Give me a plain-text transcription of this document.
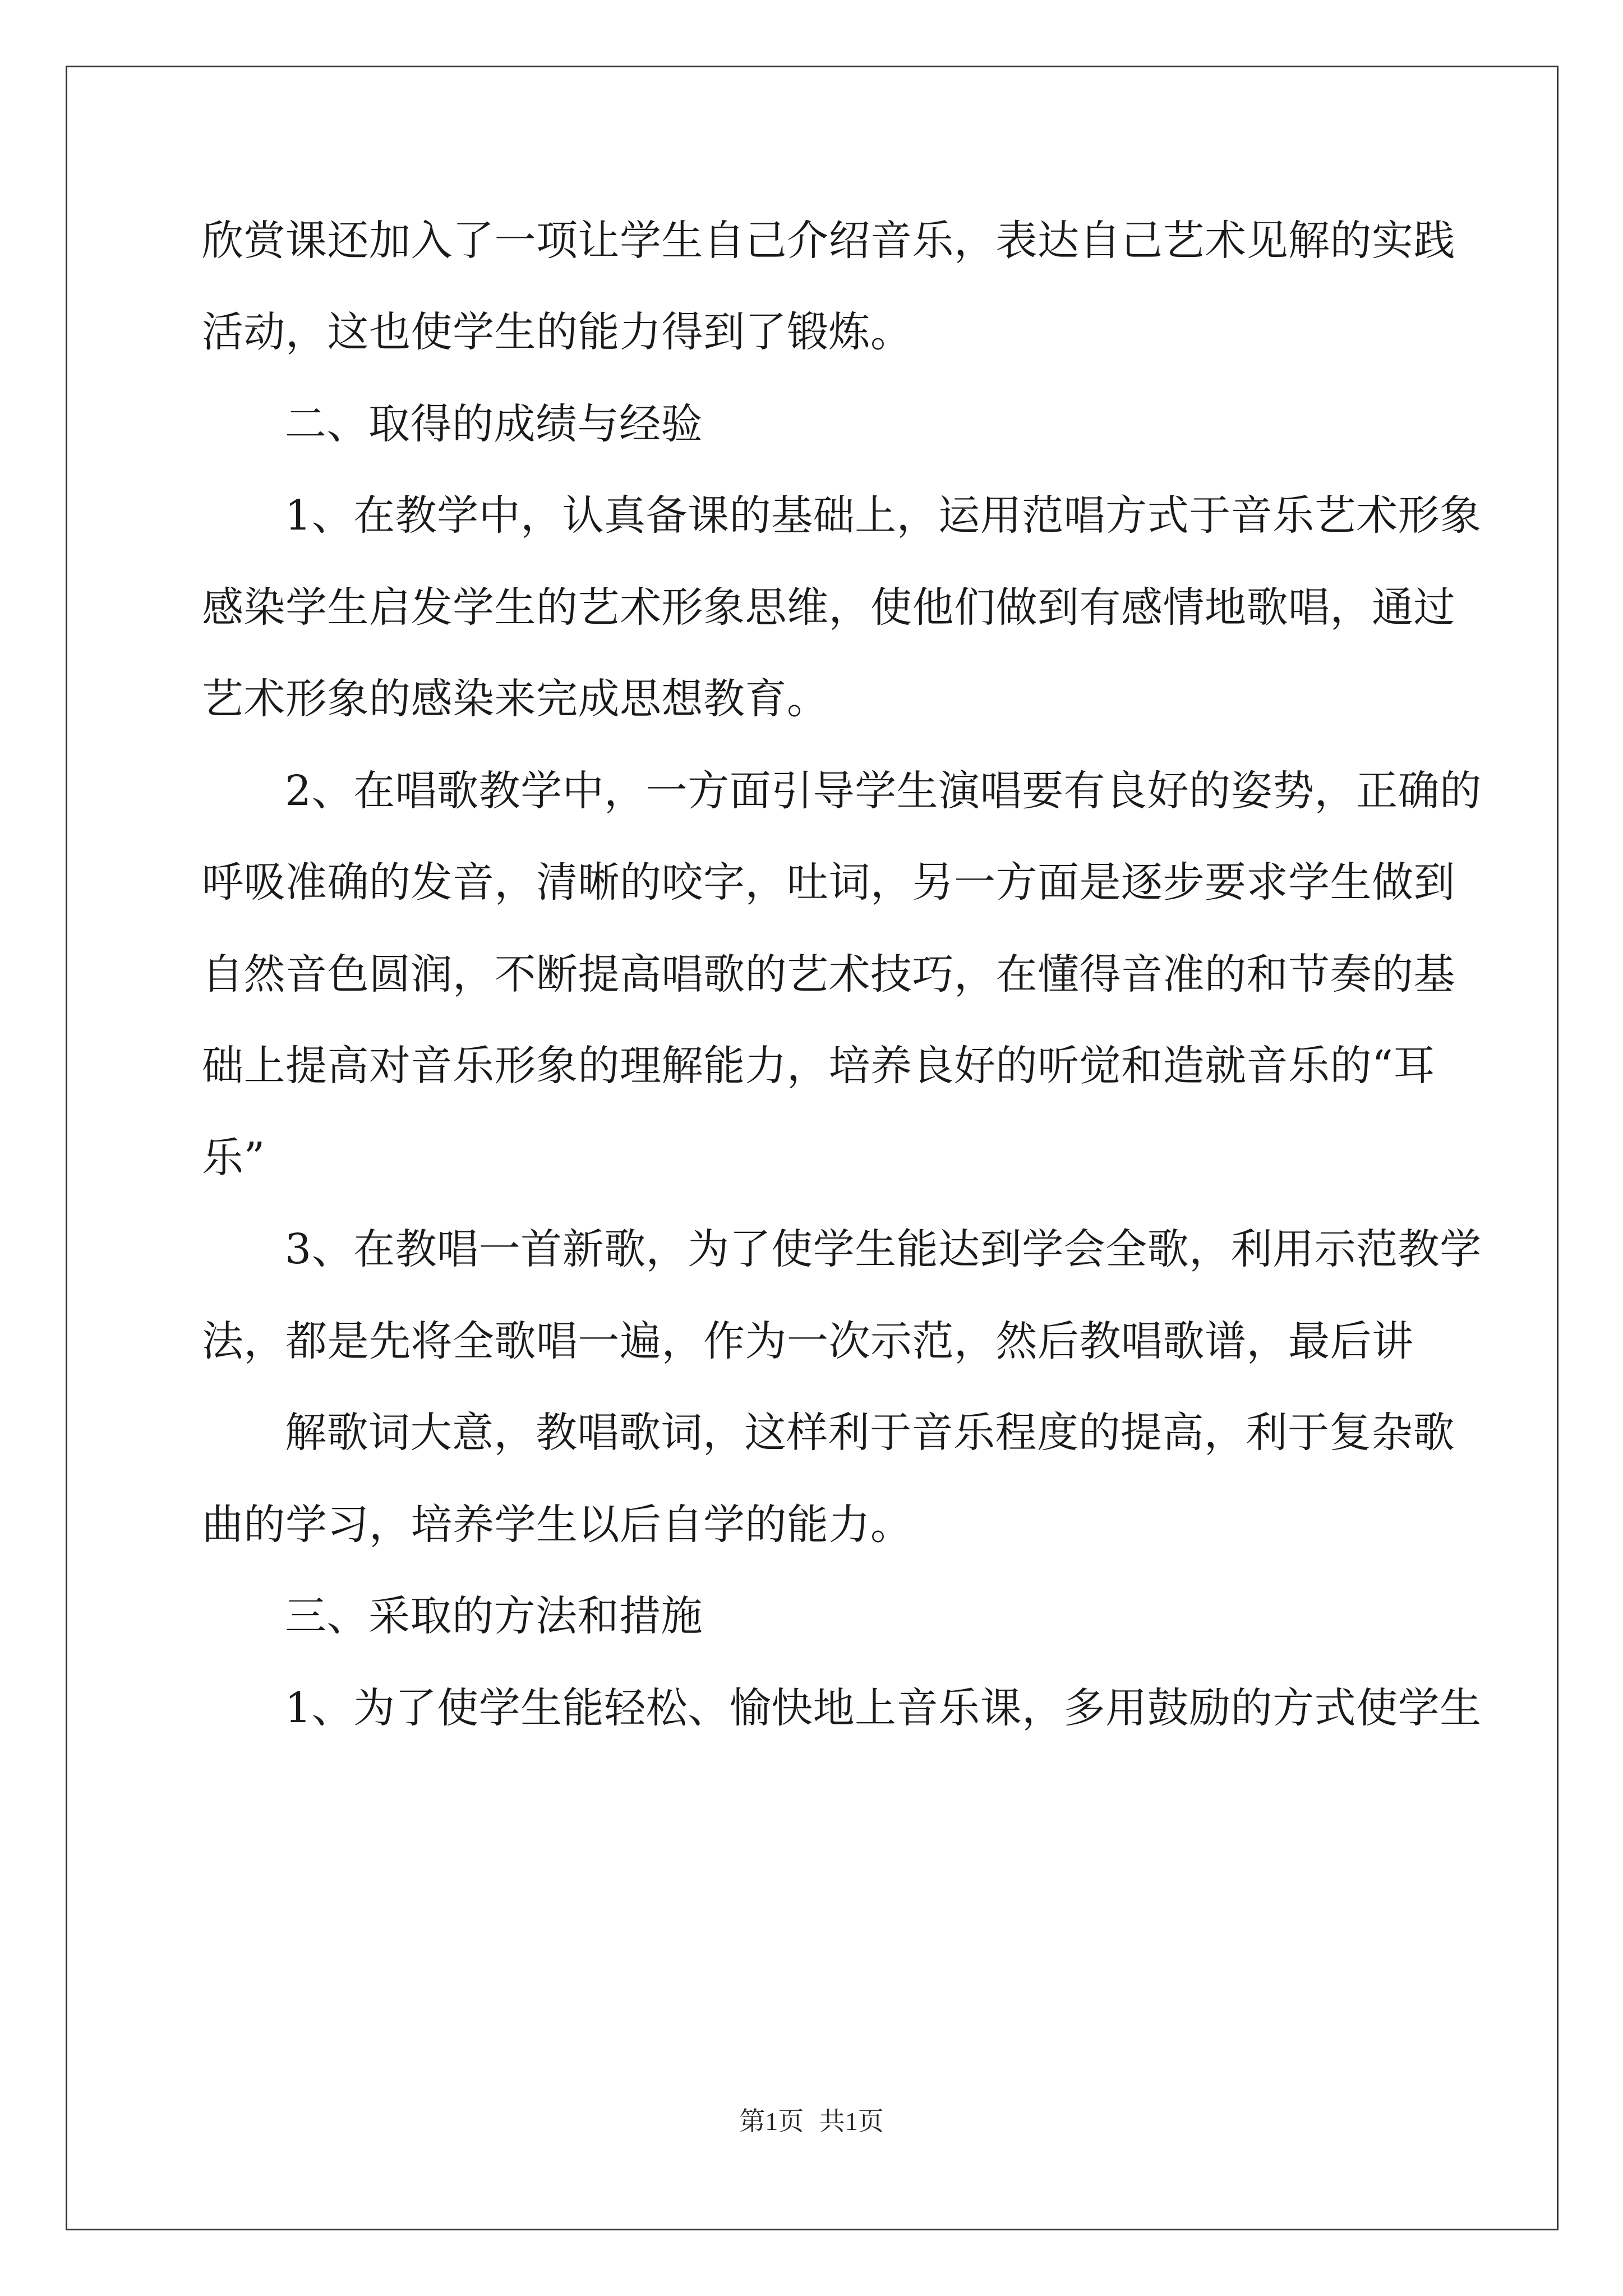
欣赏课还加入了一项让学生自己介绍音乐，表达自己艺术见解的实践
活动，这也使学生的能力得到了锻炼。
二、取得的成绩与经验
1、在教学中，认真备课的基础上，运用范唱方式于音乐艺术形象
感染学生启发学生的艺术形象思维，使他们做到有感情地歌唱，通过
艺术形象的感染来完成思想教育。
2、在唱歌教学中，一方面引导学生演唱要有良好的姿势，正确的
呼吸准确的发音，清晰的咬字，吐词，另一方面是逐步要求学生做到
自然音色圆润，不断提高唱歌的艺术技巧，在懂得音准的和节奏的基
础上提高对音乐形象的理解能力，培养良好的听觉和造就音乐的“耳
乐”
3、在教唱一首新歌，为了使学生能达到学会全歌，利用示范教学
法，都是先将全歌唱一遍，作为一次示范，然后教唱歌谱，最后讲
解歌词大意，教唱歌词，这样利于音乐程度的提高，利于复杂歌
曲的学习，培养学生以后自学的能力。
三、采取的方法和措施
1、为了使学生能轻松、愉快地上音乐课，多用鼓励的方式使学生
第1页 共1页
